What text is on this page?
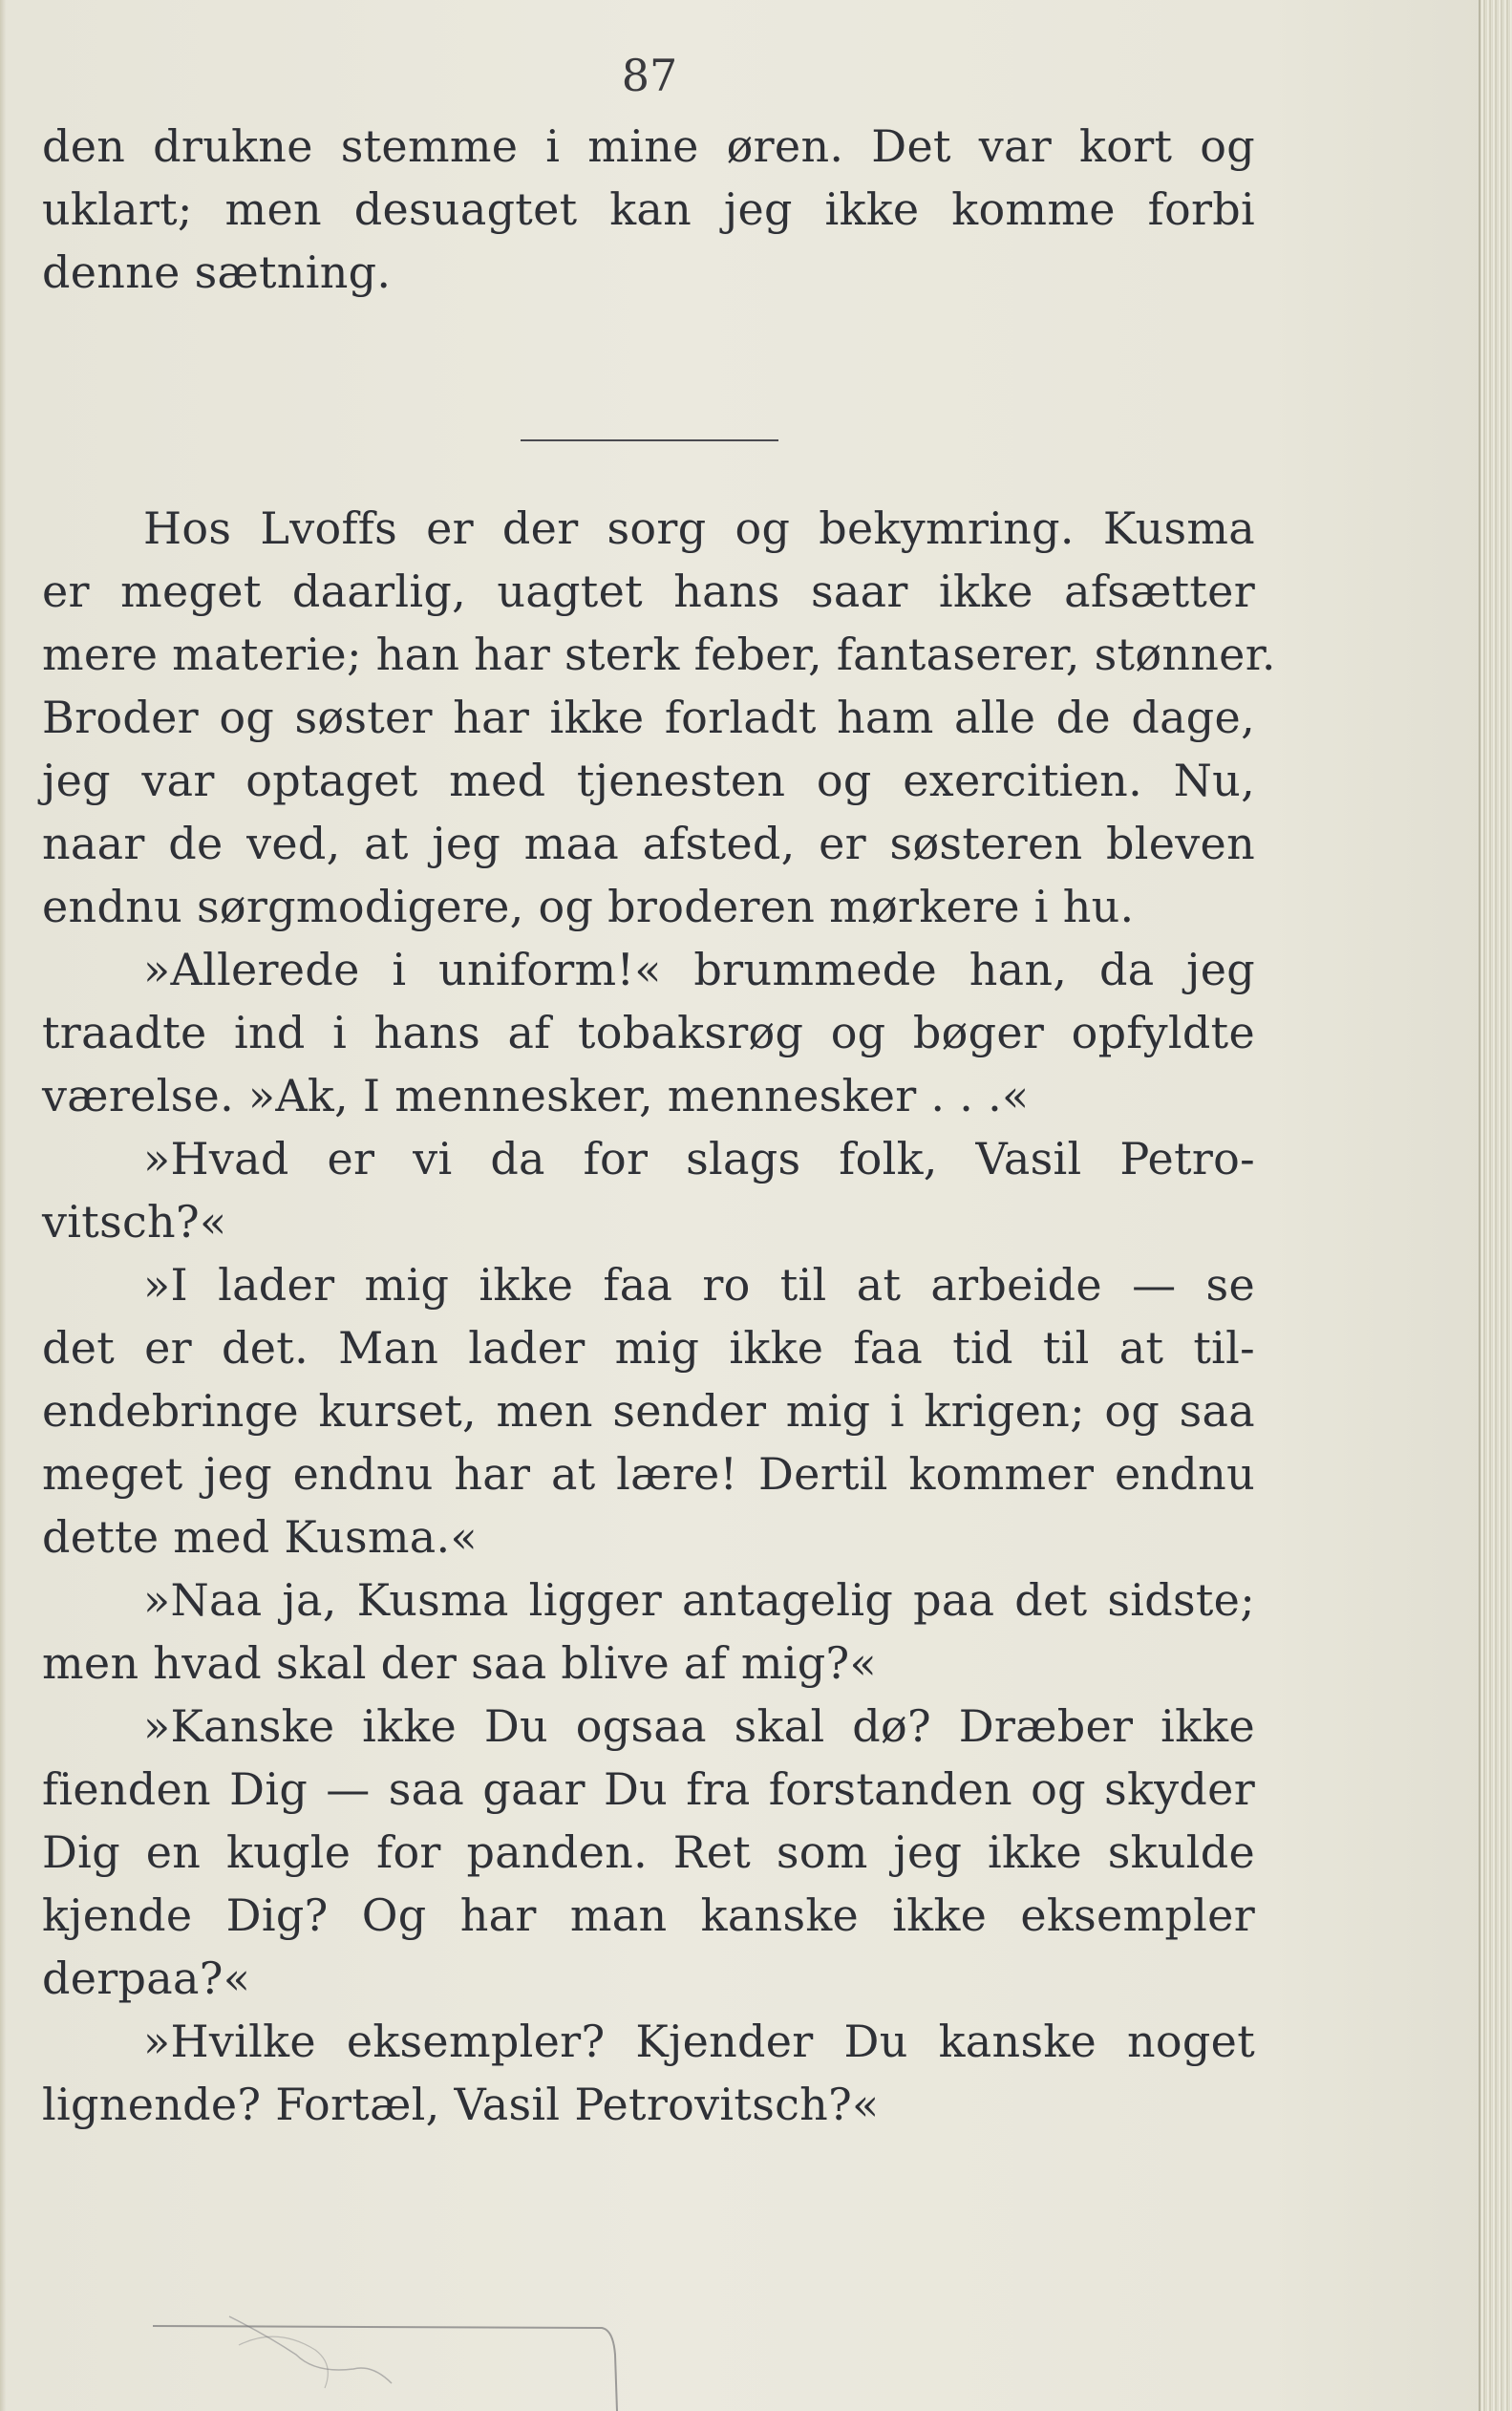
87
den drukne stemme i mine øren. Det var kort og
uklart; men desuagtet kan jeg ikke komme forbi
denne sætning.
Hos Lvoffs er der sorg og bekymring. Kusma
er meget daarlig, uagtet hans saar ikke afsætter
mere materie; han har sterk feber, fantaserer, stønner.
Broder og søster har ikke forladt ham alle de dage,
jeg var optaget med tjenesten og exercitien. Nu,
naar de ved, at jeg maa afsted, er søsteren bleven
endnu sørgmodigere, og broderen mørkere i hu.
»Allerede i uniform!« brummede han, da jeg
traadte ind i hans af tobaksrøg og bøger opfyldte
værelse. »Ak, I mennesker, mennesker . . .«
»Hvad er vi da for slags folk, Vasil Petro-
vitsch?«
»I lader mig ikke faa ro til at arbeide — se
det er det. Man lader mig ikke faa tid til at til-
endebringe kurset, men sender mig i krigen; og saa
meget jeg endnu har at lære! Dertil kommer endnu
dette med Kusma.«
»Naa ja, Kusma ligger antagelig paa det sidste;
men hvad skal der saa blive af mig?«
»Kanske ikke Du ogsaa skal dø? Dræber ikke
fienden Dig — saa gaar Du fra forstanden og skyder
Dig en kugle for panden. Ret som jeg ikke skulde
kjende Dig? Og har man kanske ikke eksempler
derpaa?«
»Hvilke eksempler? Kjender Du kanske noget
lignende? Fortæl, Vasil Petrovitsch?«
